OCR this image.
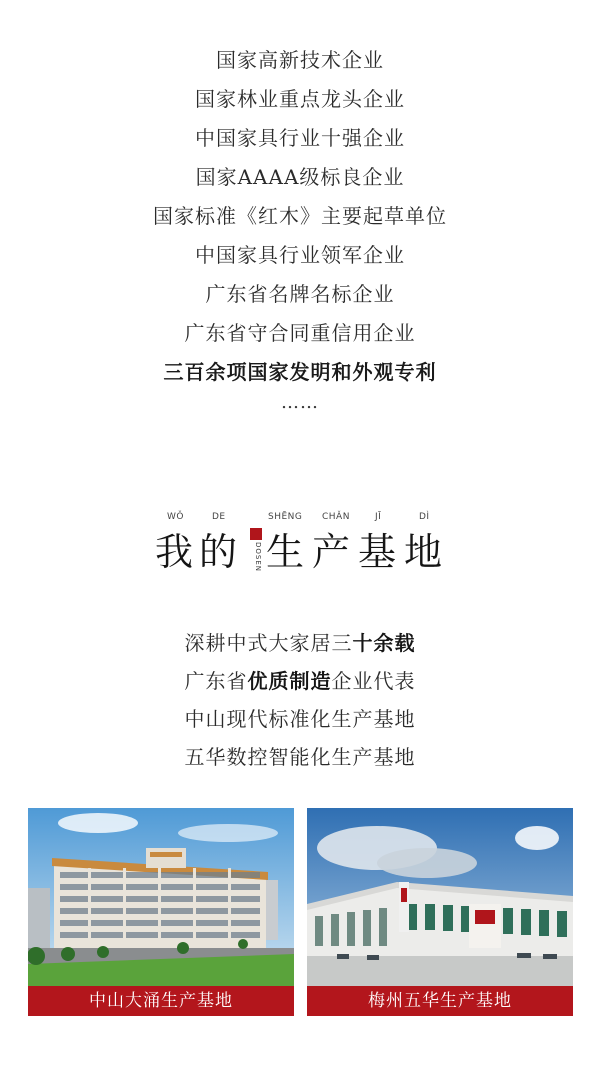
国家高新技术企业
国家林业重点龙头企业
中国家具行业十强企业
国家AAAA级标良企业
国家标准《红木》主要起草单位
中国家具行业领军企业
广东省名牌名标企业
广东省守合同重信用企业
三百余项国家发明和外观专利
……
WǑ	DE	SHĒNG CHǍN	JĪ	DÌ
我 的	DOSEN 生 产 基 地
深耕中式大家居三十余载
广东省优质制造企业代表
中山现代标准化生产基地
五华数控智能化生产基地
中山大涌生产基地	梅州五华生产基地
